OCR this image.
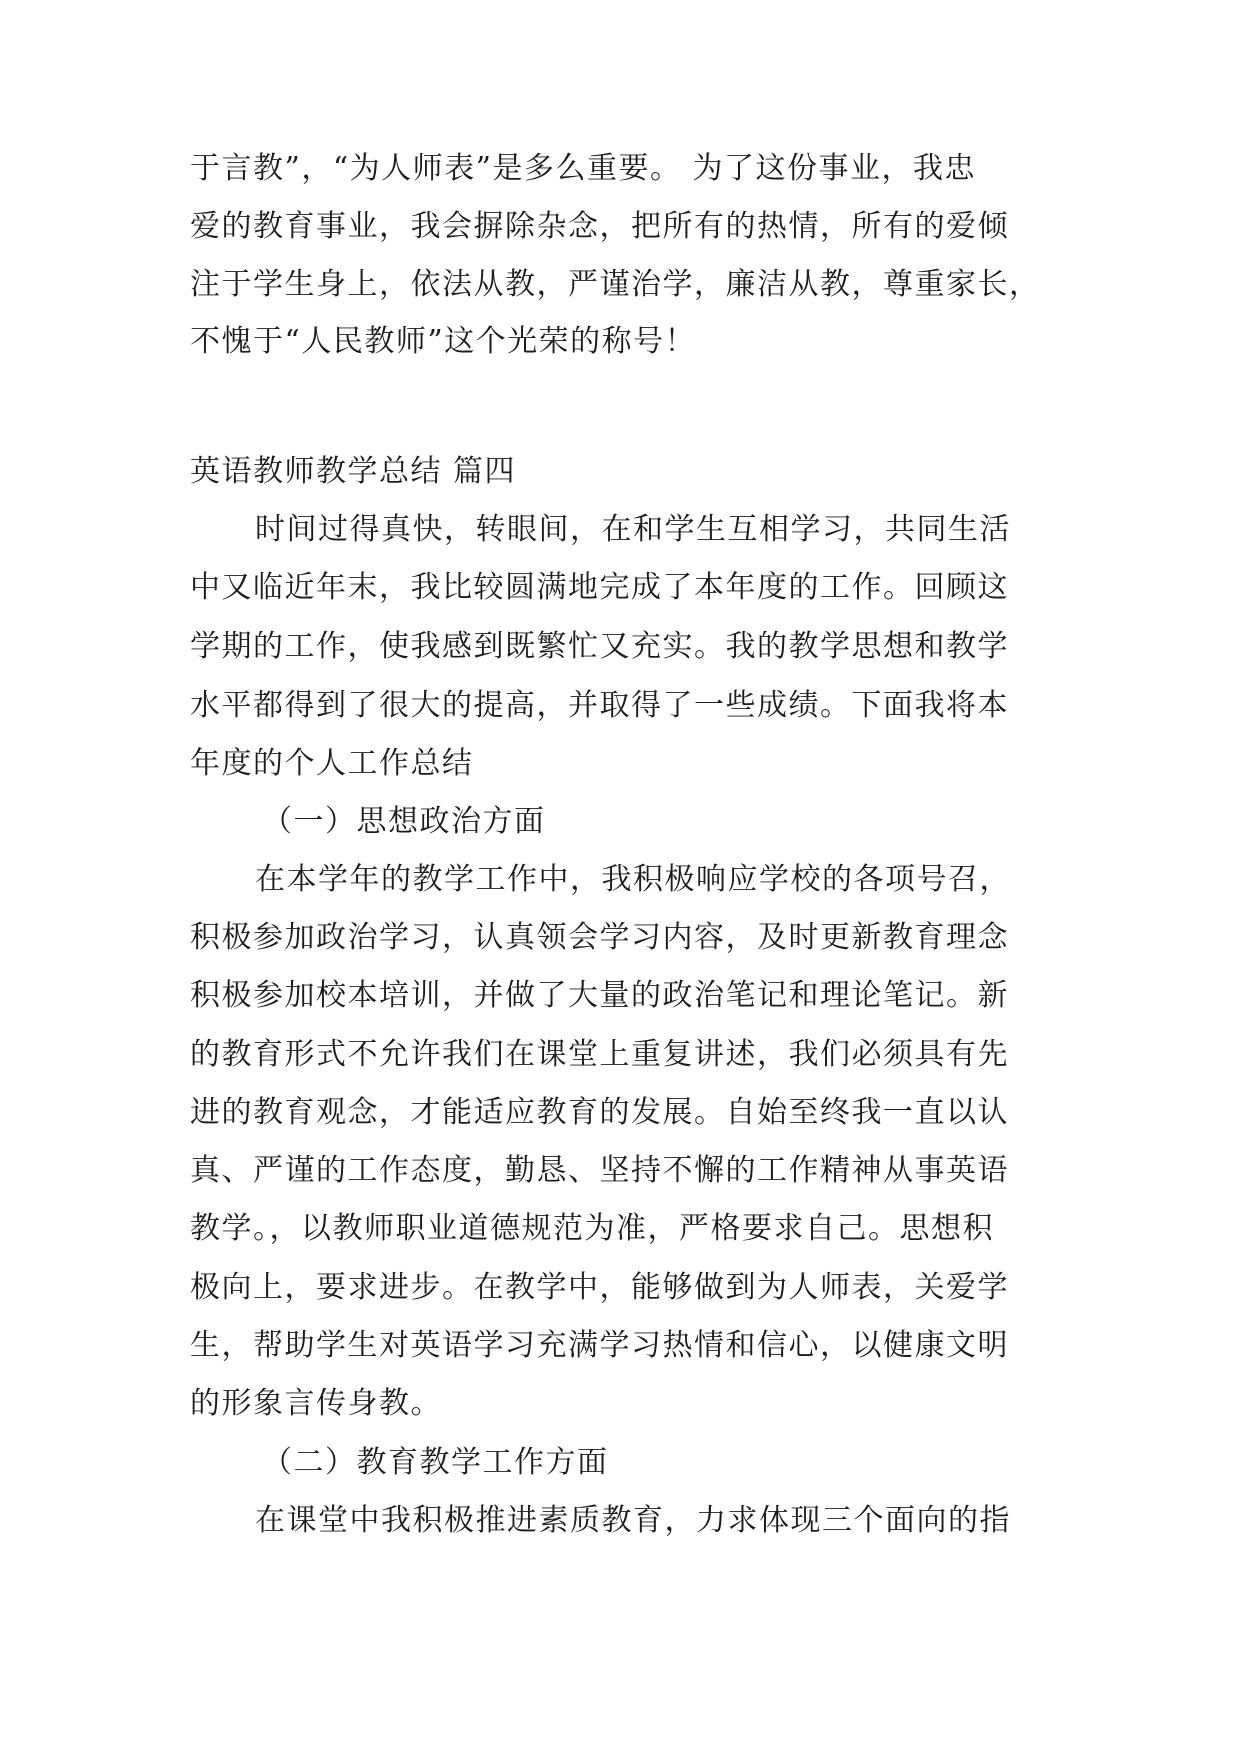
于言教”，“为人师表”是多么重要。 为了这份事业，我忠
爱的教育事业，我会摒除杂念，把所有的热情，所有的爱倾
注于学生身上，依法从教，严谨治学，廉洁从教，尊重家长，
不愧于“人民教师”这个光荣的称号！
英语教师教学总结 篇四
时间过得真快，转眼间，在和学生互相学习，共同生活
中又临近年末，我比较圆满地完成了本年度的工作。回顾这
学期的工作，使我感到既繁忙又充实。我的教学思想和教学
水平都得到了很大的提高，并取得了一些成绩。下面我将本
年度的个人工作总结
（一）思想政治方面
在本学年的教学工作中，我积极响应学校的各项号召，
积极参加政治学习，认真领会学习内容，及时更新教育理念
积极参加校本培训，并做了大量的政治笔记和理论笔记。新
的教育形式不允许我们在课堂上重复讲述，我们必须具有先
进的教育观念，才能适应教育的发展。自始至终我一直以认
真、严谨的工作态度，勤恳、坚持不懈的工作精神从事英语
教学。，以教师职业道德规范为准，严格要求自己。思想积
极向上，要求进步。在教学中，能够做到为人师表，关爱学
生，帮助学生对英语学习充满学习热情和信心，以健康文明
的形象言传身教。
（二）教育教学工作方面
在课堂中我积极推进素质教育，力求体现三个面向的指
